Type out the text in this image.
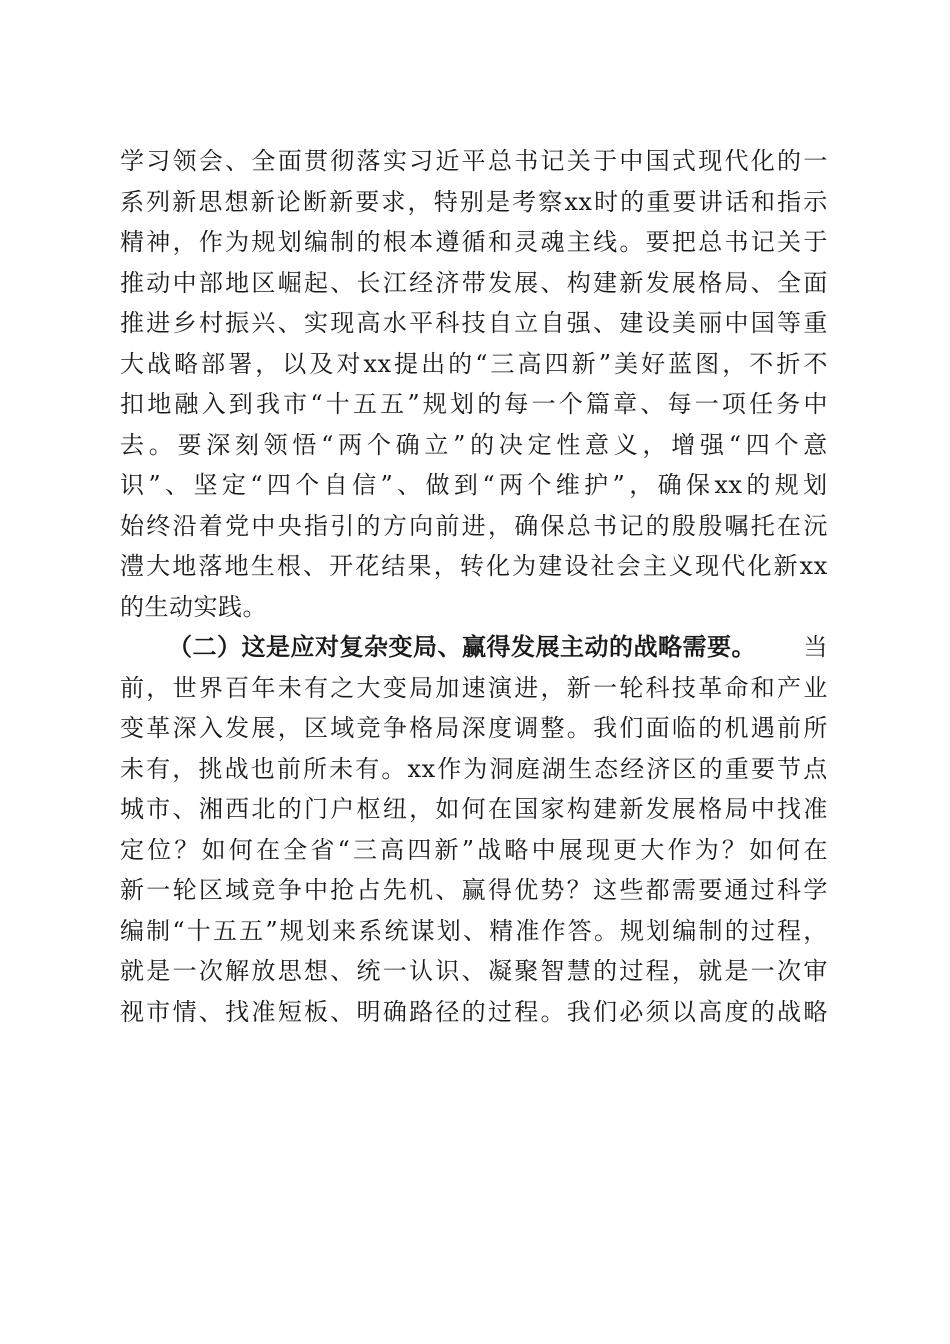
学 习 领 会 、 全 面 贯 彻 落 实 习 近 平 总 书 记 关 于 中 国 式 现 代 化 的 一
系 列 新 思 想 新 论 断 新 要 求 ， 特 别 是 考 察 xx 时 的 重 要 讲 话 和 指 示
精 神 ， 作 为 规 划 编 制 的 根 本 遵 循 和 灵 魂 主 线 。 要 把 总 书 记 关 于
推 动 中 部 地 区 崛 起 、 长 江 经 济 带 发 展 、 构 建 新 发 展 格 局 、 全 面
推 进 乡 村 振 兴 、 实 现 高 水 平 科 技 自 立 自 强 、 建 设 美 丽 中 国 等 重
大 战 略 部 署 ， 以 及 对 xx 提 出 的 “ 三 高 四 新 ” 美 好 蓝 图 ， 不 折 不
扣 地 融 入 到 我 市 “ 十 五 五 ” 规 划 的 每 一 个 篇 章 、 每 一 项 任 务 中
去 。 要 深 刻 领 悟 “ 两 个 确 立 ” 的 决 定 性 意 义 ， 增 强 “ 四 个 意
识 ” 、 坚 定 “ 四 个 自 信 ” 、 做 到 “ 两 个 维 护 ” ， 确 保 xx 的 规 划
始 终 沿 着 党 中 央 指 引 的 方 向 前 进 ， 确 保 总 书 记 的 殷 殷 嘱 托 在 沅
澧 大 地 落 地 生 根 、 开 花 结 果 ， 转 化 为 建 设 社 会 主 义 现 代 化 新 xx
的生动实践。
（二）这是应对复杂变局、赢得发展主动的战略需要。 当
前 ， 世 界 百 年 未 有 之 大 变 局 加 速 演 进 ， 新 一 轮 科 技 革 命 和 产 业
变 革 深 入 发 展 ， 区 域 竞 争 格 局 深 度 调 整 。 我 们 面 临 的 机 遇 前 所
未 有 ， 挑 战 也 前 所 未 有 。 xx 作 为 洞 庭 湖 生 态 经 济 区 的 重 要 节 点
城 市 、 湘 西 北 的 门 户 枢 纽 ， 如 何 在 国 家 构 建 新 发 展 格 局 中 找 准
定 位 ？ 如 何 在 全 省 “ 三 高 四 新 ” 战 略 中 展 现 更 大 作 为 ？ 如 何 在
新 一 轮 区 域 竞 争 中 抢 占 先 机 、 赢 得 优 势 ？ 这 些 都 需 要 通 过 科 学
编 制 “ 十 五 五 ” 规 划 来 系 统 谋 划 、 精 准 作 答 。 规 划 编 制 的 过 程 ，
就 是 一 次 解 放 思 想 、 统 一 认 识 、 凝 聚 智 慧 的 过 程 ， 就 是 一 次 审
视 市 情 、 找 准 短 板 、 明 确 路 径 的 过 程 。 我 们 必 须 以 高 度 的 战 略
